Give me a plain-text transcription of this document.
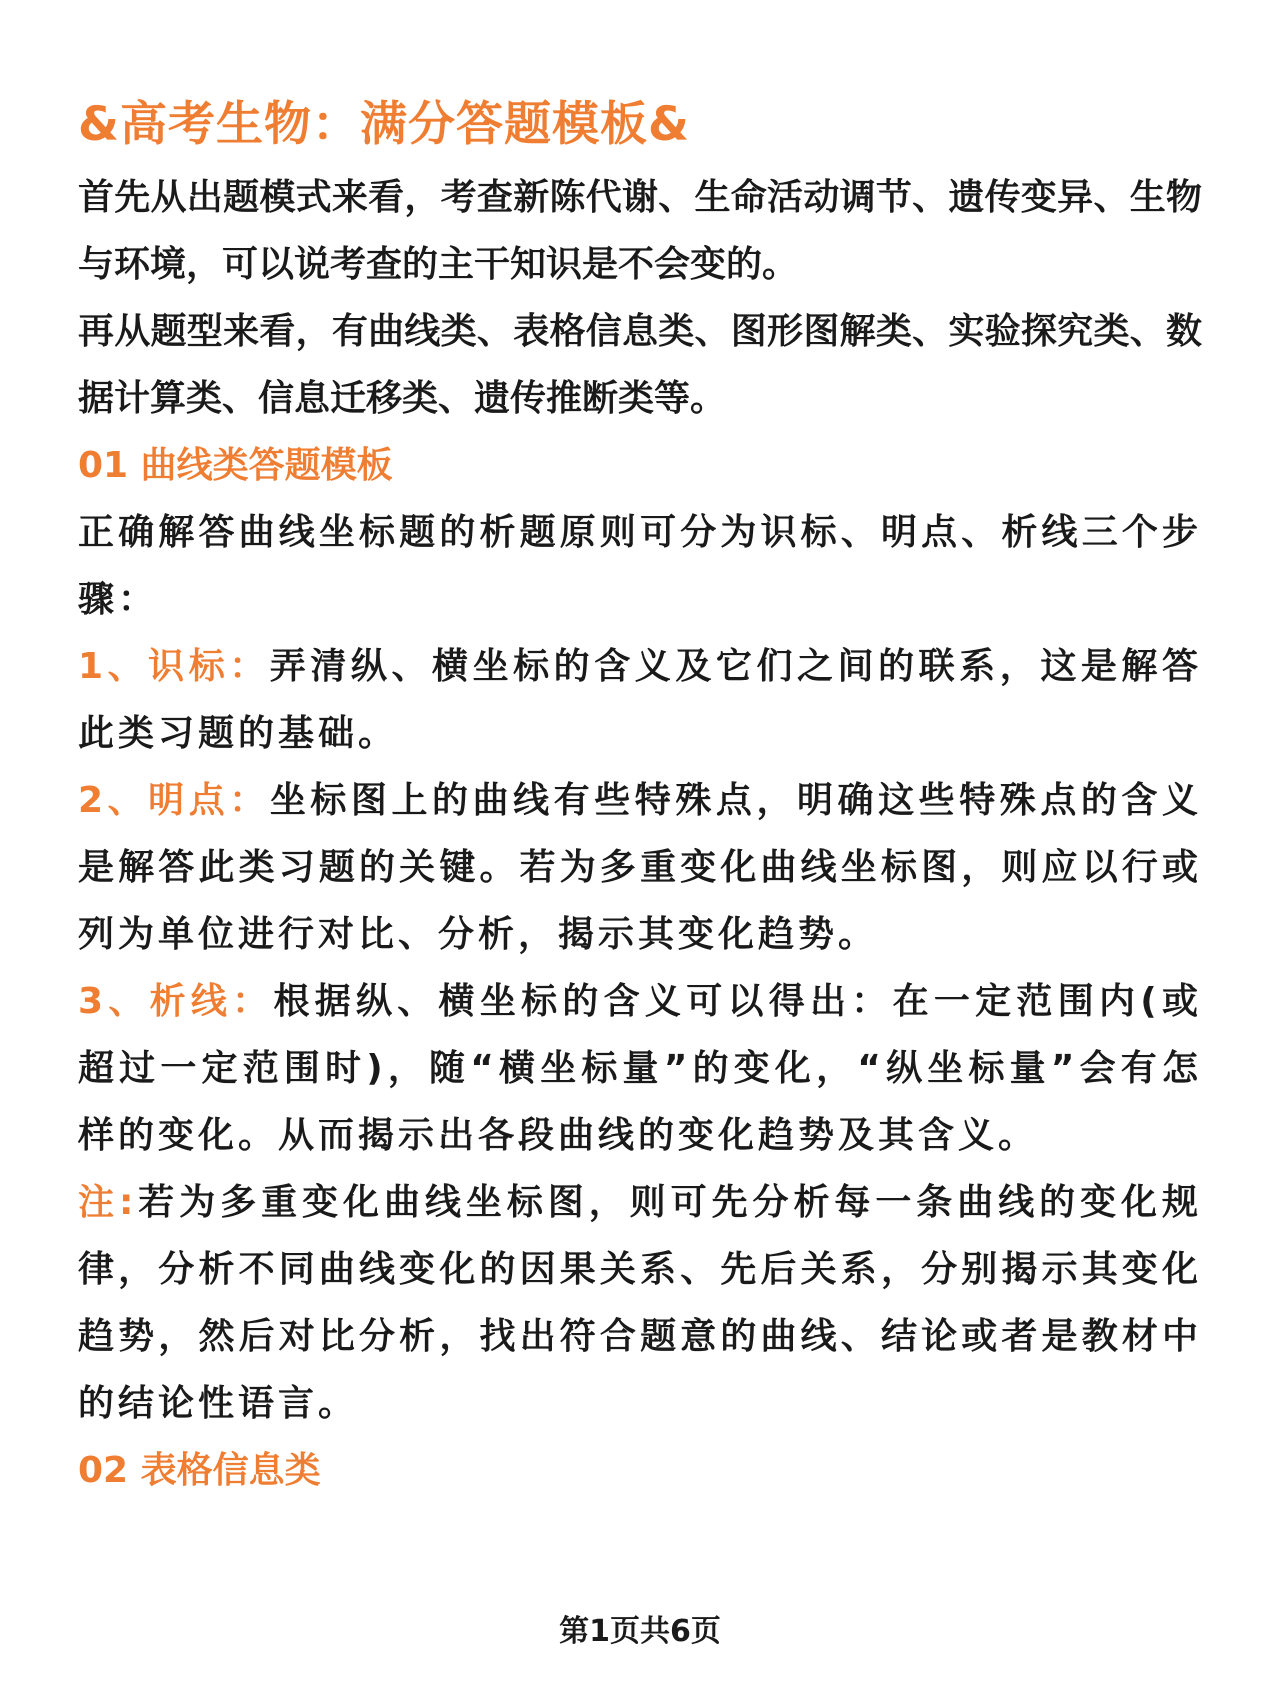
&高考生物：满分答题模板&

首先从出题模式来看，考查新陈代谢、生命活动调节、遗传变异、生物与环境，可以说考查的主干知识是不会变的。

再从题型来看，有曲线类、表格信息类、图形图解类、实验探究类、数据计算类、信息迁移类、遗传推断类等。

01 曲线类答题模板

正确解答曲线坐标题的析题原则可分为识标、明点、析线三个步骤：

1、识标：弄清纵、横坐标的含义及它们之间的联系，这是解答此类习题的基础。

2、明点：坐标图上的曲线有些特殊点，明确这些特殊点的含义是解答此类习题的关键。若为多重变化曲线坐标图，则应以行或列为单位进行对比、分析，揭示其变化趋势。

3、析线：根据纵、横坐标的含义可以得出：在一定范围内(或超过一定范围时)，随“横坐标量”的变化，“纵坐标量”会有怎样的变化。从而揭示出各段曲线的变化趋势及其含义。

注:若为多重变化曲线坐标图，则可先分析每一条曲线的变化规律，分析不同曲线变化的因果关系、先后关系，分别揭示其变化趋势，然后对比分析，找出符合题意的曲线、结论或者是教材中的结论性语言。

02 表格信息类
第1页共6页
